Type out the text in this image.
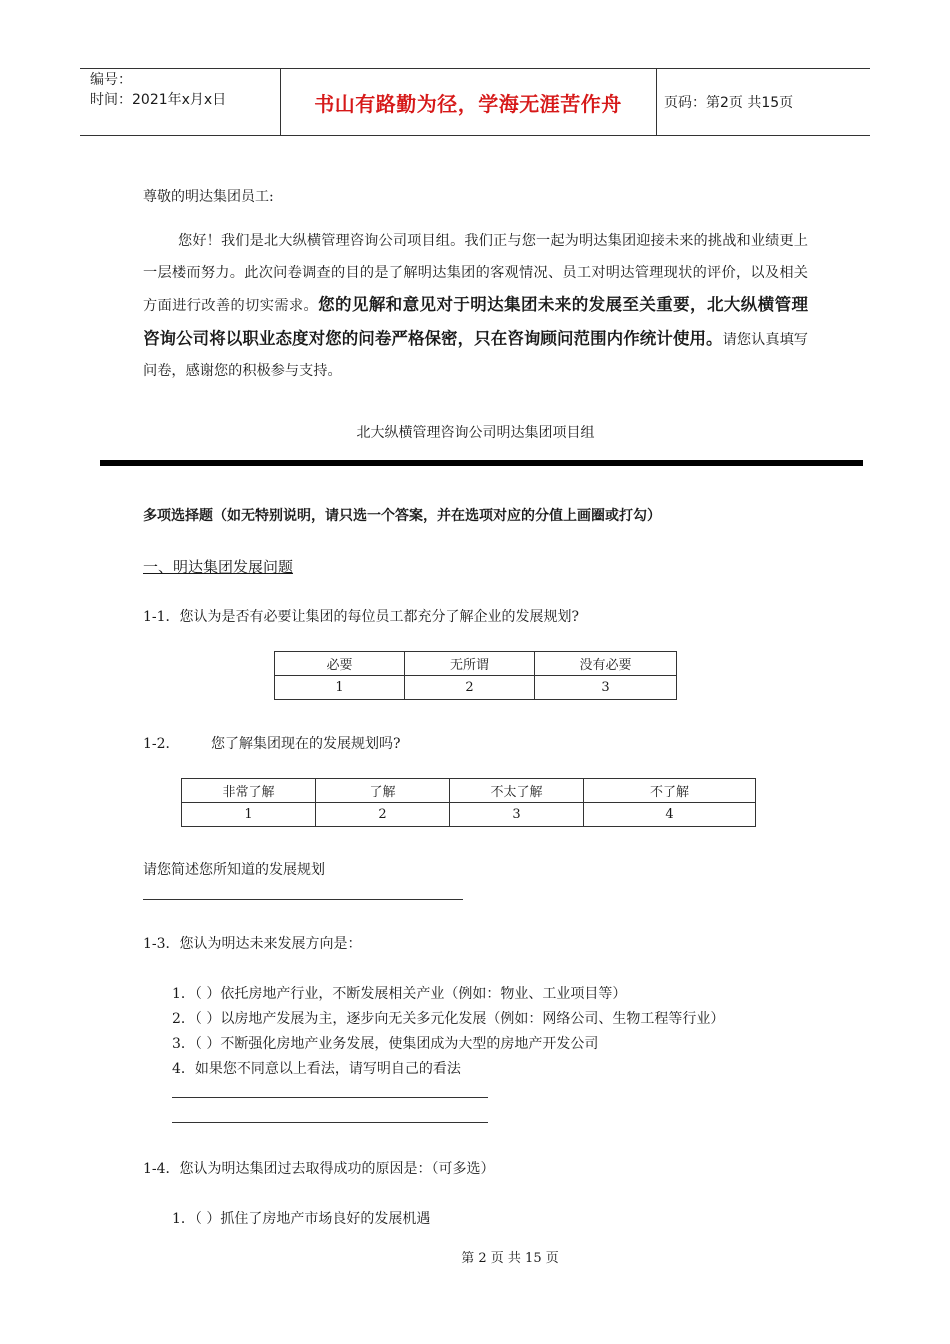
编号：
时间：2021年x月x日	书山有路勤为径，学海无涯苦作舟	页码：第2页 共15页
尊敬的明达集团员工:
您好！我们是北大纵横管理咨询公司项目组。我们正与您一起为明达集团迎接未来的挑战和业绩更上一层楼而努力。此次问卷调查的目的是了解明达集团的客观情况、员工对明达管理现状的评价，以及相关方面进行改善的切实需求。您的见解和意见对于明达集团未来的发展至关重要，北大纵横管理咨询公司将以职业态度对您的问卷严格保密，只在咨询顾问范围内作统计使用。请您认真填写问卷，感谢您的积极参与支持。
北大纵横管理咨询公司明达集团项目组
多项选择题（如无特别说明，请只选一个答案，并在选项对应的分值上画圈或打勾）
一、明达集团发展问题
1-1．您认为是否有必要让集团的每位员工都充分了解企业的发展规划?
必要	无所谓	没有必要
1	2	3
1-2． 您了解集团现在的发展规划吗?
非常了解	了解	不太了解	不了解
1	2	3	4
请您简述您所知道的发展规划
1-3．您认为明达未来发展方向是：
1．（ ）依托房地产行业，不断发展相关产业（例如：物业、工业项目等）
2．（ ）以房地产发展为主，逐步向无关多元化发展（例如：网络公司、生物工程等行业）
3．（ ）不断强化房地产业务发展，使集团成为大型的房地产开发公司
4．如果您不同意以上看法，请写明自己的看法
1-4．您认为明达集团过去取得成功的原因是：（可多选）
1．（ ）抓住了房地产市场良好的发展机遇
第 2 页 共 15 页
